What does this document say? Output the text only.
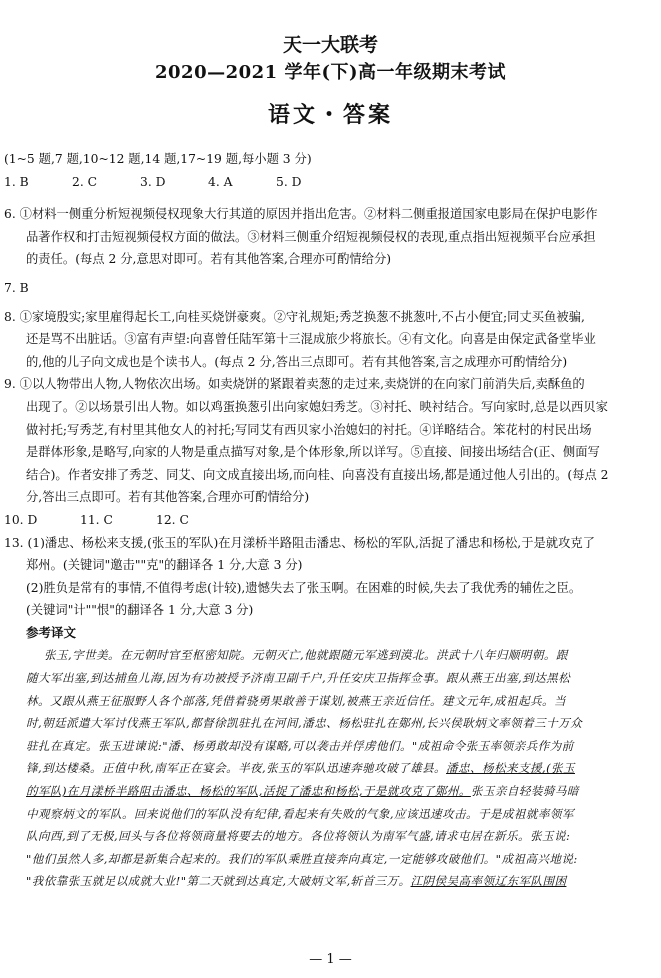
天一大联考
2020—2021 学年(下)高一年级期末考试
语文・答案
(1~5 题,7 题,10~12 题,14 题,17~19 题,每小题 3 分)
1. B	2. C	3. D	4. A	5. D
6. ①材料一侧重分析短视频侵权现象大行其道的原因并指出危害。②材料二侧重报道国家电影局在保护电影作
品著作权和打击短视频侵权方面的做法。③材料三侧重介绍短视频侵权的表现,重点指出短视频平台应承担
的责任。(每点 2 分,意思对即可。若有其他答案,合理亦可酌情给分)
7. B
8. ①家境殷实;家里雇得起长工,向桂买烧饼豪爽。②守礼规矩;秀芝换葱不挑葱叶,不占小便宜;同丈买鱼被骗,
还是骂不出脏话。③富有声望:向喜曾任陆军第十三混成旅少将旅长。④有文化。向喜是由保定武备堂毕业
的,他的儿子向文成也是个读书人。(每点 2 分,答出三点即可。若有其他答案,言之成理亦可酌情给分)
9. ①以人物带出人物,人物依次出场。如卖烧饼的紧跟着卖葱的走过来,卖烧饼的在向家门前消失后,卖酥鱼的
出现了。②以场景引出人物。如以鸡蛋换葱引出向家媳妇秀芝。③衬托、映衬结合。写向家时,总是以西贝家
做衬托;写秀芝,有村里其他女人的衬托;写同艾有西贝家小治媳妇的衬托。④详略结合。笨花村的村民出场
是群体形象,是略写,向家的人物是重点描写对象,是个体形象,所以详写。⑤直接、间接出场结合(正、侧面写
结合)。作者安排了秀芝、同艾、向文成直接出场,而向桂、向喜没有直接出场,都是通过他人引出的。(每点 2
分,答出三点即可。若有其他答案,合理亦可酌情给分)
10. D	11. C	12. C
13. (1)潘忠、杨松来支援,(张玉的军队)在月漾桥半路阻击潘忠、杨松的军队,活捉了潘忠和杨松,于是就攻克了
郑州。(关键词"邀击""克"的翻译各 1 分,大意 3 分)
(2)胜负是常有的事情,不值得考虑(计较),遗憾失去了张玉啊。在困难的时候,失去了我优秀的辅佐之臣。
(关键词"计""恨"的翻译各 1 分,大意 3 分)
参考译文
张玉,字世美。在元朝时官至枢密知院。元朝灭亡,他就跟随元军逃到漠北。洪武十八年归顺明朝。跟
随大军出塞,到达捕鱼儿海,因为有功被授予济南卫副千户,升任安庆卫指挥佥事。跟从燕王出塞,到达黑松
林。又跟从燕王征服野人各个部落,凭借着骁勇果敢善于谋划,被燕王亲近信任。建文元年,成祖起兵。当
时,朝廷派遣大军讨伐燕王军队,都督徐凯驻扎在河间,潘忠、杨松驻扎在鄚州,长兴侯耿炳文率领着三十万众
驻扎在真定。张玉进谏说:"潘、杨勇敢却没有谋略,可以袭击并俘虏他们。"成祖命令张玉率领亲兵作为前
锋,到达楼桑。正值中秋,南军正在宴会。半夜,张玉的军队迅速奔驰攻破了雄县。潘忠、杨松来支援,(张玉
的军队)在月漾桥半路阻击潘忠、杨松的军队,活捉了潘忠和杨松,于是就攻克了鄚州。张玉亲自轻装骑马暗
中观察炳文的军队。回来说他们的军队没有纪律,看起来有失败的气象,应该迅速攻击。于是成祖就率领军
队向西,到了无极,回头与各位将领商量将要去的地方。各位将领认为南军气盛,请求屯居在新乐。张玉说:
"他们虽然人多,却都是新集合起来的。我们的军队乘胜直接奔向真定,一定能够攻破他们。"成祖高兴地说:
"我依靠张玉就足以成就大业!"第二天就到达真定,大破炳文军,斩首三万。江阴侯吴高率领辽东军队围困
— 1 —
